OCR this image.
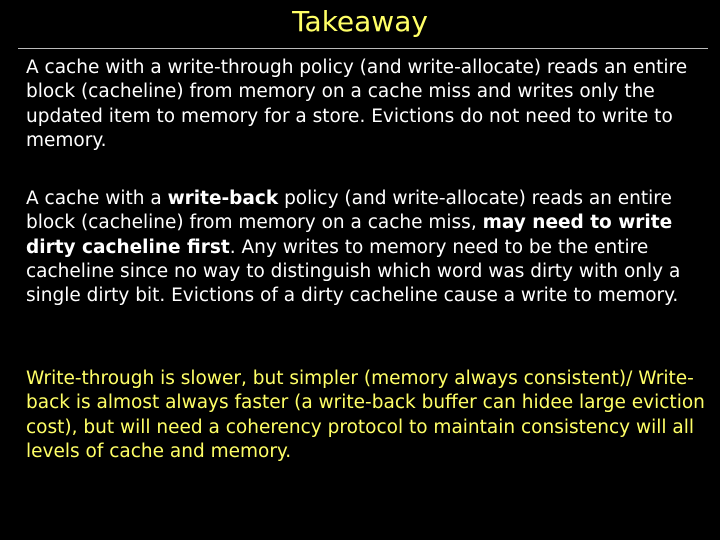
Takeaway

A cache with a write-through policy (and write-allocate) reads an entire block (cacheline) from memory on a cache miss and writes only the updated item to memory for a store. Evictions do not need to write to memory.

A cache with a write-back policy (and write-allocate) reads an entire block (cacheline) from memory on a cache miss, may need to write dirty cacheline first. Any writes to memory need to be the entire cacheline since no way to distinguish which word was dirty with only a single dirty bit. Evictions of a dirty cacheline cause a write to memory.

Write-through is slower, but simpler (memory always consistent)/ Write-back is almost always faster (a write-back buffer can hidee large eviction cost), but will need a coherency protocol to maintain consistency will all levels of cache and memory.
